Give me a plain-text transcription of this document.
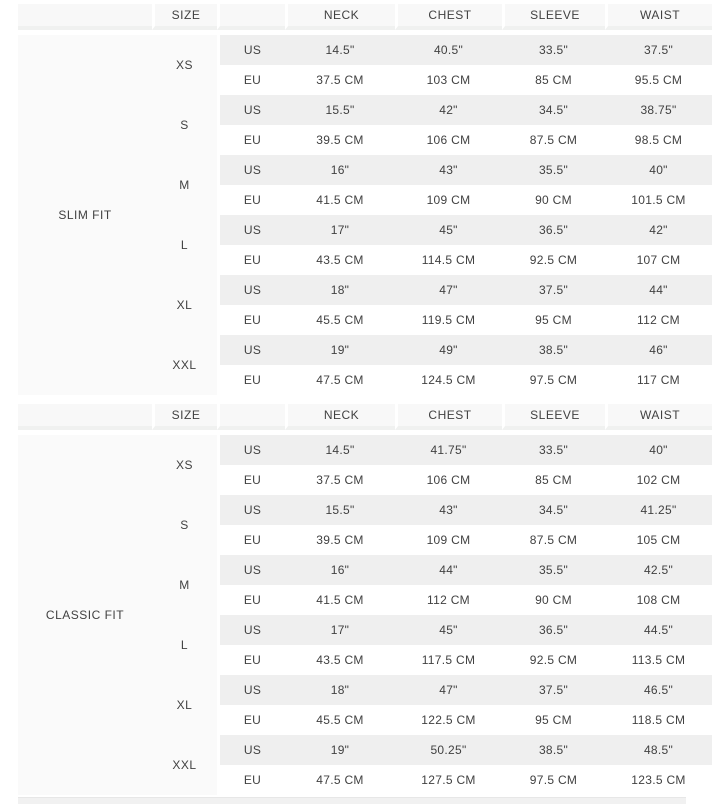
	SIZE		NECK	CHEST	SLEEVE	WAIST

SLIM FIT	XS	US	14.5"	40.5"	33.5"	37.5"
		EU	37.5 CM	103 CM	85 CM	95.5 CM
	S	US	15.5"	42"	34.5"	38.75"
		EU	39.5 CM	106 CM	87.5 CM	98.5 CM
	M	US	16"	43"	35.5"	40"
		EU	41.5 CM	109 CM	90 CM	101.5 CM
	L	US	17"	45"	36.5"	42"
		EU	43.5 CM	114.5 CM	92.5 CM	107 CM
	XL	US	18"	47"	37.5"	44"
		EU	45.5 CM	119.5 CM	95 CM	112 CM
	XXL	US	19"	49"	38.5"	46"
		EU	47.5 CM	124.5 CM	97.5 CM	117 CM
	SIZE		NECK	CHEST	SLEEVE	WAIST

CLASSIC FIT	XS	US	14.5"	41.75"	33.5"	40"
		EU	37.5 CM	106 CM	85 CM	102 CM
	S	US	15.5"	43"	34.5"	41.25"
		EU	39.5 CM	109 CM	87.5 CM	105 CM
	M	US	16"	44"	35.5"	42.5"
		EU	41.5 CM	112 CM	90 CM	108 CM
	L	US	17"	45"	36.5"	44.5"
		EU	43.5 CM	117.5 CM	92.5 CM	113.5 CM
	XL	US	18"	47"	37.5"	46.5"
		EU	45.5 CM	122.5 CM	95 CM	118.5 CM
	XXL	US	19"	50.25"	38.5"	48.5"
		EU	47.5 CM	127.5 CM	97.5 CM	123.5 CM
